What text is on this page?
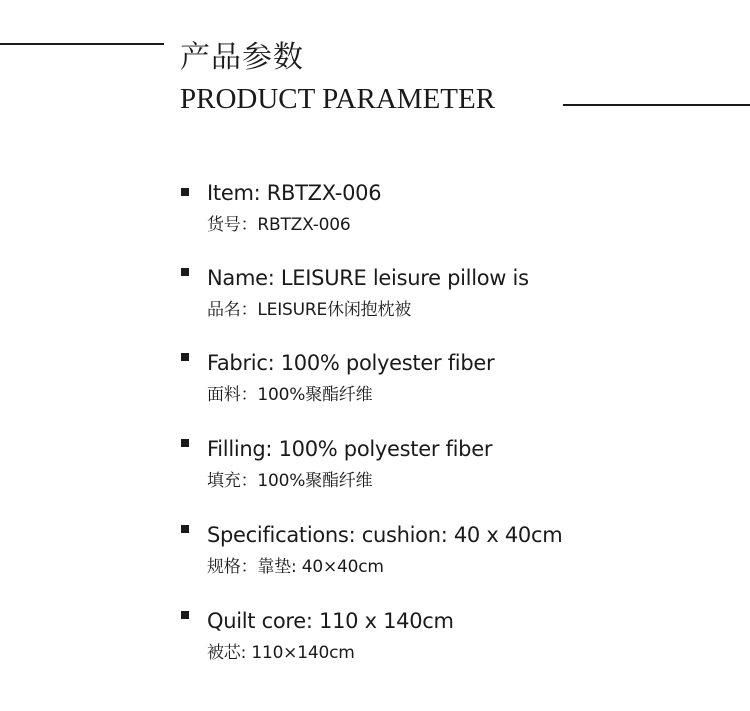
产品参数
PRODUCT PARAMETER
Item: RBTZX-006
货号：RBTZX-006
Name: LEISURE leisure pillow is
品名：LEISURE休闲抱枕被
Fabric: 100% polyester fiber
面料：100%聚酯纤维
Filling: 100% polyester fiber
填充：100%聚酯纤维
Specifications: cushion: 40 x 40cm
规格：靠垫: 40×40cm
Quilt core: 110 x 140cm
被芯: 110×140cm
